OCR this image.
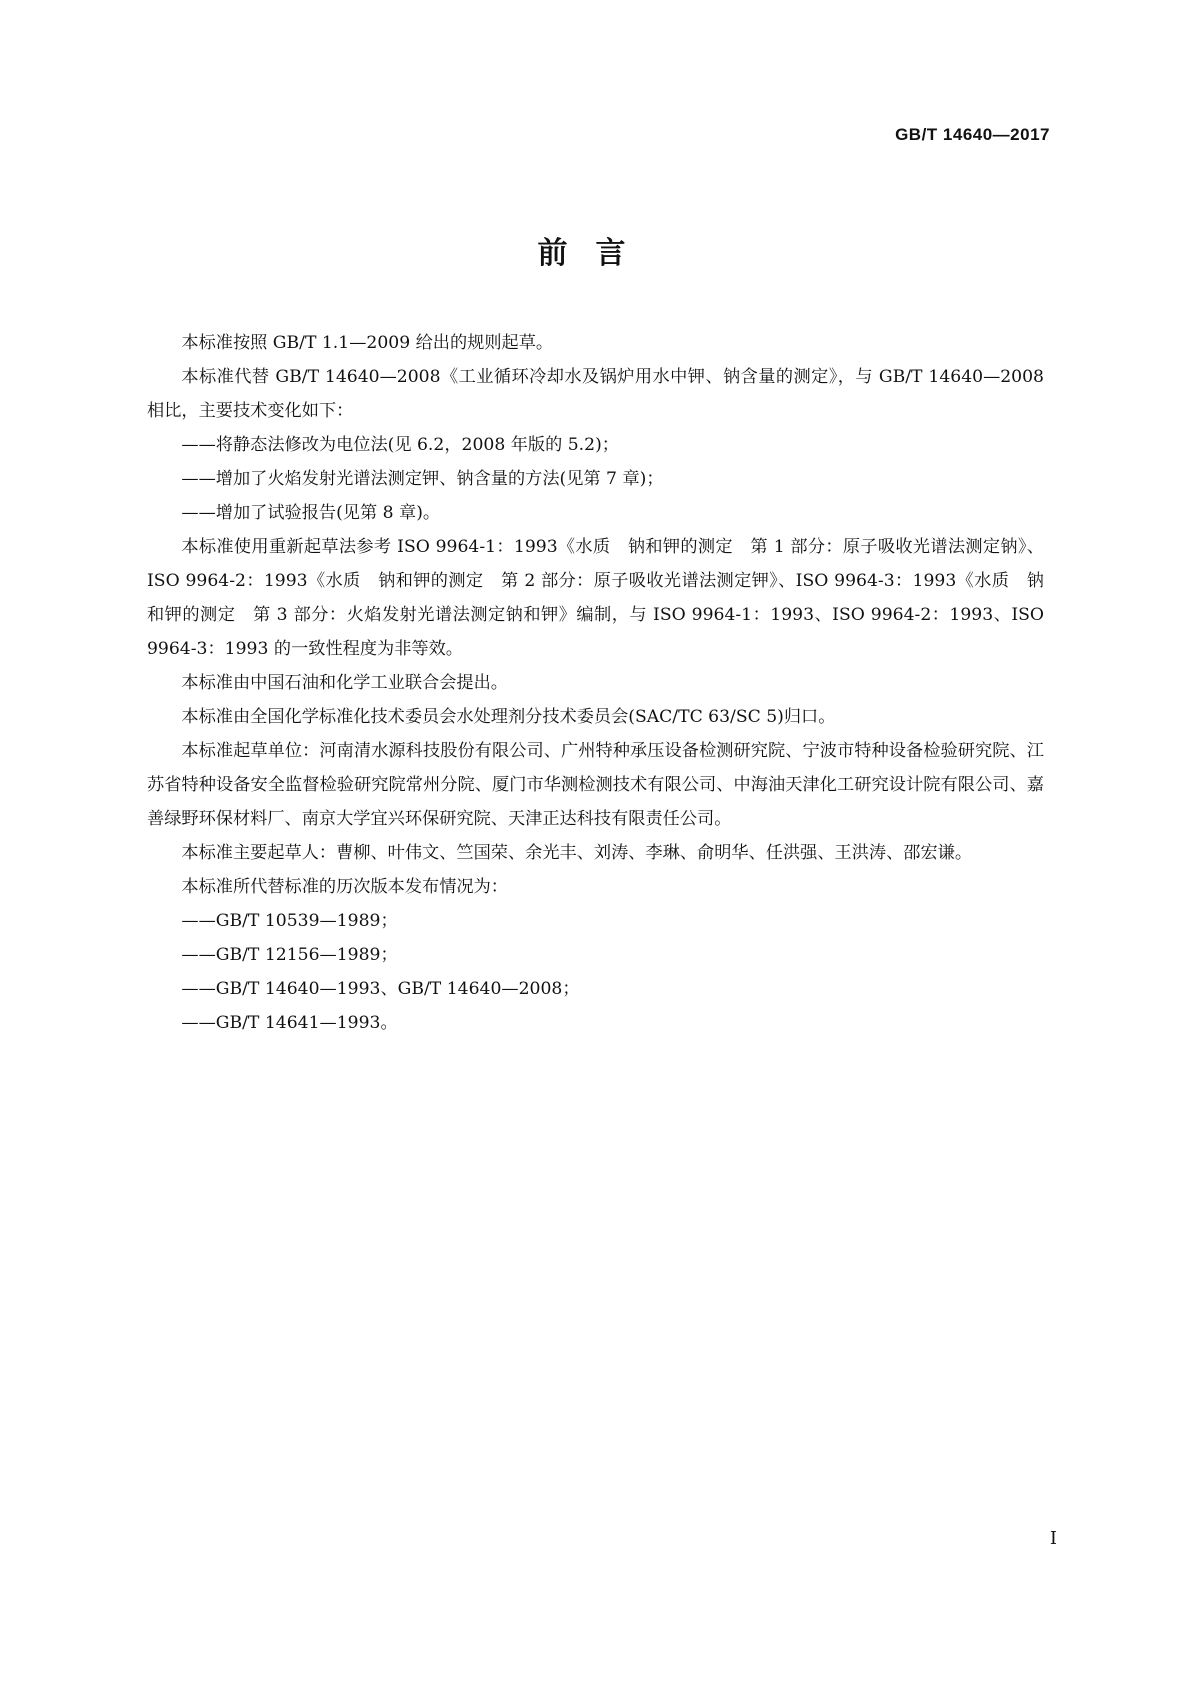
GB/T 14640—2017
前言

本标准按照 GB/T 1.1—2009 给出的规则起草。

本标准代替 GB/T 14640—2008《工业循环冷却水及锅炉用水中钾、钠含量的测定》，与 GB/T 14640—2008 相比，主要技术变化如下：

——将静态法修改为电位法(见 6.2，2008 年版的 5.2)；

——增加了火焰发射光谱法测定钾、钠含量的方法(见第 7 章)；

——增加了试验报告(见第 8 章)。

本标准使用重新起草法参考 ISO 9964-1：1993《水质　钠和钾的测定　第 1 部分：原子吸收光谱法测定钠》、ISO 9964-2：1993《水质　钠和钾的测定　第 2 部分：原子吸收光谱法测定钾》、ISO 9964-3：1993《水质　钠和钾的测定　第 3 部分：火焰发射光谱法测定钠和钾》编制，与 ISO 9964-1：1993、ISO 9964-2：1993、ISO 9964-3：1993 的一致性程度为非等效。

本标准由中国石油和化学工业联合会提出。

本标准由全国化学标准化技术委员会水处理剂分技术委员会(SAC/TC 63/SC 5)归口。

本标准起草单位：河南清水源科技股份有限公司、广州特种承压设备检测研究院、宁波市特种设备检验研究院、江苏省特种设备安全监督检验研究院常州分院、厦门市华测检测技术有限公司、中海油天津化工研究设计院有限公司、嘉善绿野环保材料厂、南京大学宜兴环保研究院、天津正达科技有限责任公司。

本标准主要起草人：曹柳、叶伟文、竺国荣、余光丰、刘涛、李琳、俞明华、任洪强、王洪涛、邵宏谦。

本标准所代替标准的历次版本发布情况为：

——GB/T 10539—1989；

——GB/T 12156—1989；

——GB/T 14640—1993、GB/T 14640—2008；

——GB/T 14641—1993。

I
